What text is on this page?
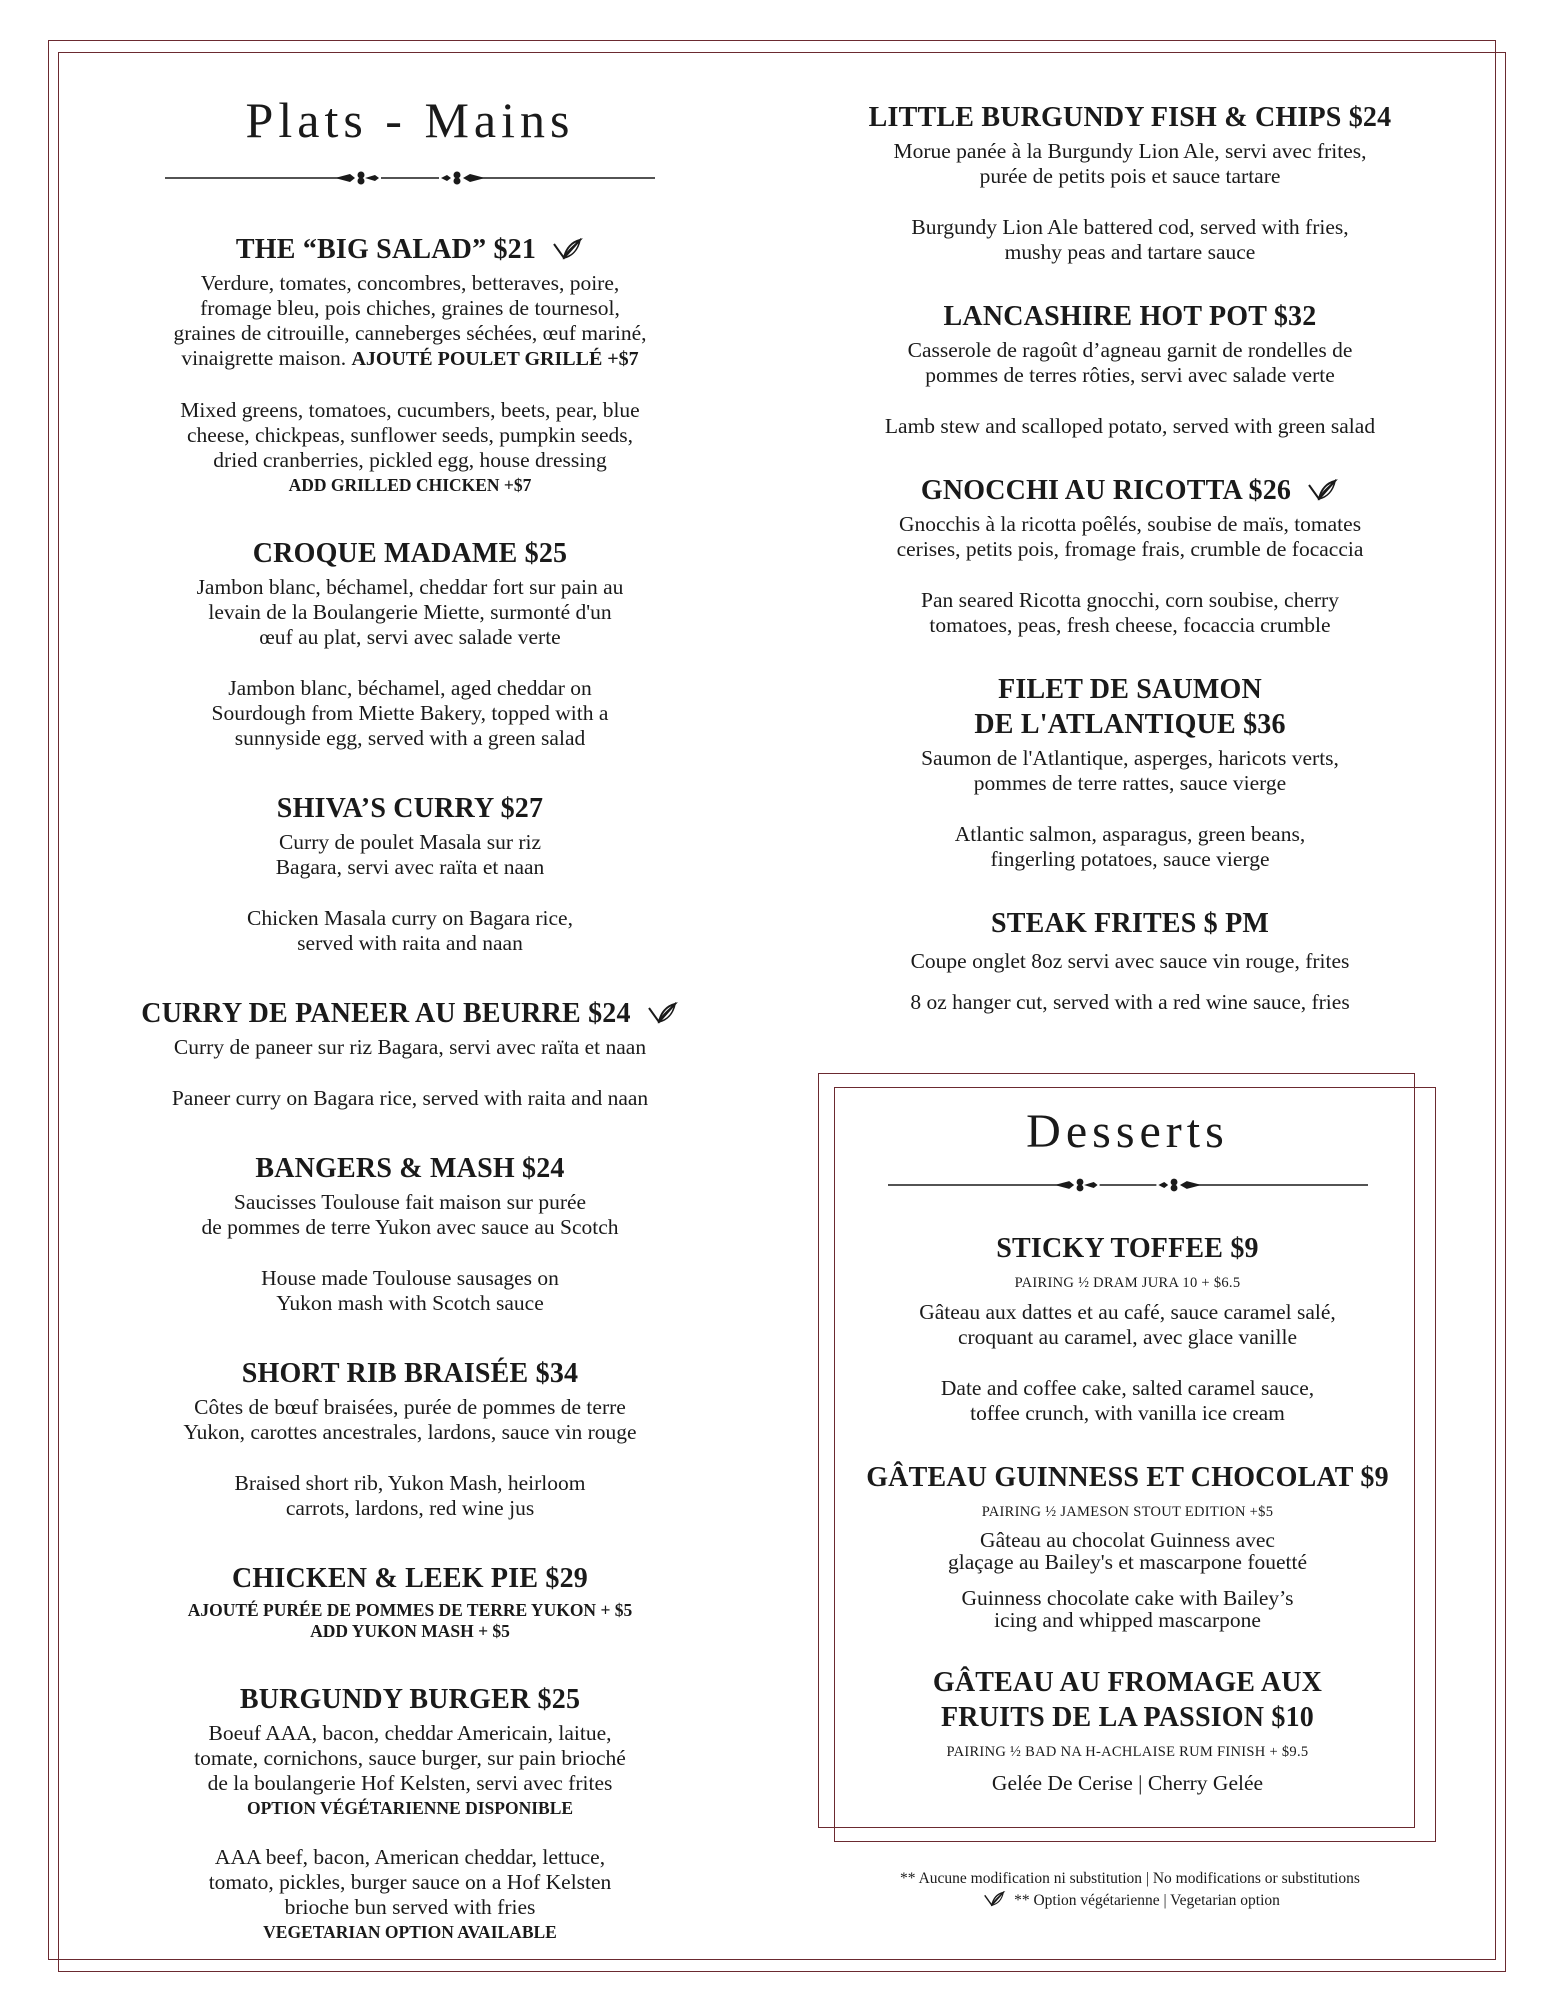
Plats - Mains
THE “BIG SALAD” $21

Verdure, tomates, concombres, betteraves, poire,
fromage bleu, pois chiches, graines de tournesol,
graines de citrouille, canneberges séchées, œuf mariné,
vinaigrette maison. AJOUTÉ POULET GRILLÉ +$7

Mixed greens, tomatoes, cucumbers, beets, pear, blue
cheese, chickpeas, sunflower seeds, pumpkin seeds,
dried cranberries, pickled egg, house dressing

ADD GRILLED CHICKEN +$7
CROQUE MADAME $25

Jambon blanc, béchamel, cheddar fort sur pain au
levain de la Boulangerie Miette, surmonté d'un
œuf au plat, servi avec salade verte

Jambon blanc, béchamel, aged cheddar on
Sourdough from Miette Bakery, topped with a
sunnyside egg, served with a green salad

SHIVA’S CURRY $27

Curry de poulet Masala sur riz
Bagara, servi avec raïta et naan

Chicken Masala curry on Bagara rice,
served with raita and naan

CURRY DE PANEER AU BEURRE $24

Curry de paneer sur riz Bagara, servi avec raïta et naan

Paneer curry on Bagara rice, served with raita and naan

BANGERS & MASH $24

Saucisses Toulouse fait maison sur purée
de pommes de terre Yukon avec sauce au Scotch

House made Toulouse sausages on
Yukon mash with Scotch sauce

SHORT RIB BRAISÉE $34

Côtes de bœuf braisées, purée de pommes de terre
Yukon, carottes ancestrales, lardons, sauce vin rouge

Braised short rib, Yukon Mash, heirloom
carrots, lardons, red wine jus

CHICKEN & LEEK PIE $29
AJOUTÉ PURÉE DE POMMES DE TERRE YUKON + $5
ADD YUKON MASH + $5
BURGUNDY BURGER $25

Boeuf AAA, bacon, cheddar Americain, laitue,
tomate, cornichons, sauce burger, sur pain brioché
de la boulangerie Hof Kelsten, servi avec frites

OPTION VÉGÉTARIENNE DISPONIBLE

AAA beef, bacon, American cheddar, lettuce,
tomato, pickles, burger sauce on a Hof Kelsten
brioche bun served with fries

VEGETARIAN OPTION AVAILABLE
LITTLE BURGUNDY FISH & CHIPS $24

Morue panée à la Burgundy Lion Ale, servi avec frites,
purée de petits pois et sauce tartare

Burgundy Lion Ale battered cod, served with fries,
mushy peas and tartare sauce

LANCASHIRE HOT POT $32

Casserole de ragoût d’agneau garnit de rondelles de
pommes de terres rôties, servi avec salade verte

Lamb stew and scalloped potato, served with green salad

GNOCCHI AU RICOTTA $26

Gnocchis à la ricotta poêlés, soubise de maïs, tomates
cerises, petits pois, fromage frais, crumble de focaccia

Pan seared Ricotta gnocchi, corn soubise, cherry
tomatoes, peas, fresh cheese, focaccia crumble

FILET DE SAUMON
DE L'ATLANTIQUE $36

Saumon de l'Atlantique, asperges, haricots verts,
pommes de terre rattes, sauce vierge

Atlantic salmon, asparagus, green beans,
fingerling potatoes, sauce vierge

STEAK FRITES $ PM

Coupe onglet 8oz servi avec sauce vin rouge, frites

8 oz hanger cut, served with a red wine sauce, fries

Desserts
STICKY TOFFEE $9
PAIRING ½ DRAM JURA 10 + $6.5

Gâteau aux dattes et au café, sauce caramel salé,
croquant au caramel, avec glace vanille

Date and coffee cake, salted caramel sauce,
toffee crunch, with vanilla ice cream

GÂTEAU GUINNESS ET CHOCOLAT $9
PAIRING ½ JAMESON STOUT EDITION +$5

Gâteau au chocolat Guinness avec
glaçage au Bailey's et mascarpone fouetté

Guinness chocolate cake with Bailey’s
icing and whipped mascarpone

GÂTEAU AU FROMAGE AUX
FRUITS DE LA PASSION $10
PAIRING ½ BAD NA H-ACHLAISE RUM FINISH + $9.5

Gelée De Cerise | Cherry Gelée

** Aucune modification ni substitution | No modifications or substitutions
** Option végétarienne | Vegetarian option
